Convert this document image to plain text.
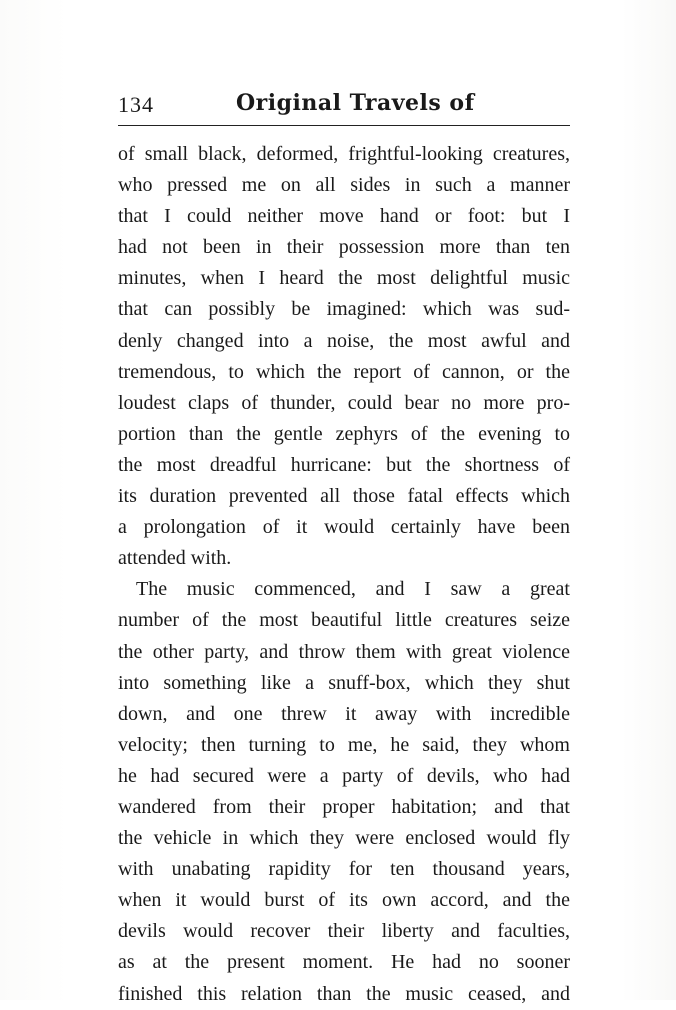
134	Original Travels of
of small black, deformed, frightful-looking creatures,
who pressed me on all sides in such a manner
that I could neither move hand or foot: but I
had not been in their possession more than ten
minutes, when I heard the most delightful music
that can possibly be imagined: which was sud-
denly changed into a noise, the most awful and
tremendous, to which the report of cannon, or the
loudest claps of thunder, could bear no more pro-
portion than the gentle zephyrs of the evening to
the most dreadful hurricane: but the shortness of
its duration prevented all those fatal effects which
a prolongation of it would certainly have been
attended with.
The music commenced, and I saw a great
number of the most beautiful little creatures seize
the other party, and throw them with great violence
into something like a snuff-box, which they shut
down, and one threw it away with incredible
velocity; then turning to me, he said, they whom
he had secured were a party of devils, who had
wandered from their proper habitation; and that
the vehicle in which they were enclosed would fly
with unabating rapidity for ten thousand years,
when it would burst of its own accord, and the
devils would recover their liberty and faculties,
as at the present moment. He had no sooner
finished this relation than the music ceased, and
